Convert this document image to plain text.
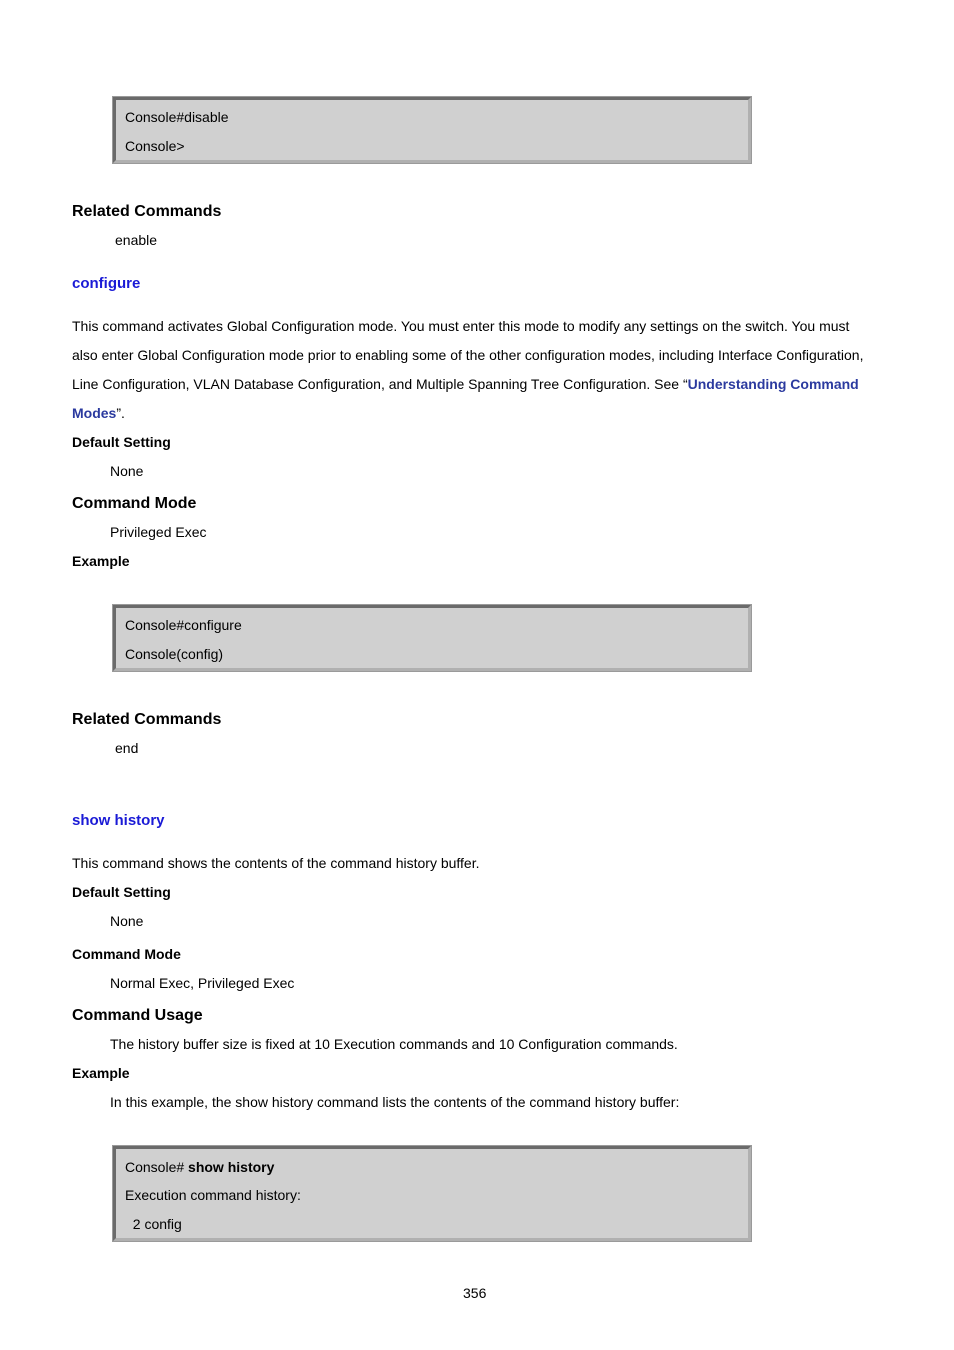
Console#disable
Console>
Related Commands
enable
configure
This command activates Global Configuration mode. You must enter this mode to modify any settings on the switch. You must
also enter Global Configuration mode prior to enabling some of the other configuration modes, including Interface Configuration,
Line Configuration, VLAN Database Configuration, and Multiple Spanning Tree Configuration. See “Understanding Command
Modes”.
Default Setting
None
Command Mode
Privileged Exec
Example
Console#configure
Console(config)
Related Commands
end
show history
This command shows the contents of the command history buffer.
Default Setting
None
Command Mode
Normal Exec, Privileged Exec
Command Usage
The history buffer size is fixed at 10 Execution commands and 10 Configuration commands.
Example
In this example, the show history command lists the contents of the command history buffer:
Console# show history
Execution command history:
2 config
356
